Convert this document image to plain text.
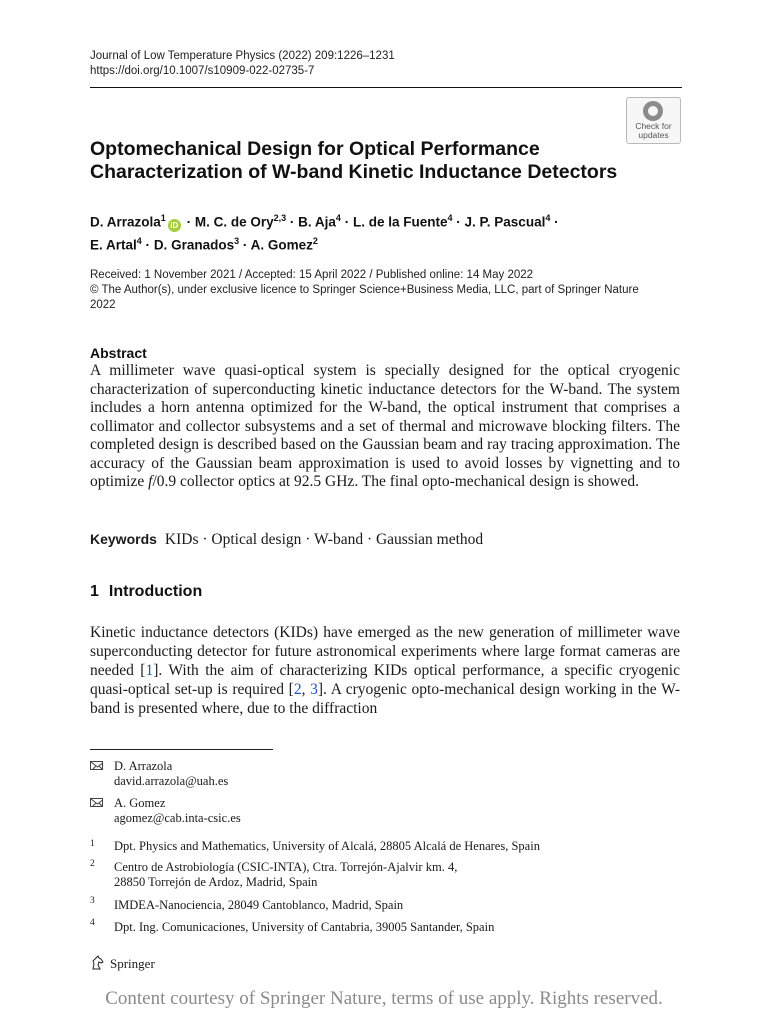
Journal of Low Temperature Physics (2022) 209:1226–1231
https://doi.org/10.1007/s10909-022-02735-7
Check for
updates
Optomechanical Design for Optical Performance
Characterization of W-band Kinetic Inductance Detectors
D. Arrazola$^1$iD · M. C. de Ory$^{2,3}$ · B. Aja$^4$ · L. de la Fuente$^4$ · J. P. Pascual$^4$ ·
E. Artal$^4$ · D. Granados$^3$ · A. Gomez$^2$
Received: 1 November 2021 / Accepted: 15 April 2022 / Published online: 14 May 2022
© The Author(s), under exclusive licence to Springer Science+Business Media, LLC, part of Springer Nature
2022
Abstract
A millimeter wave quasi-optical system is specially designed for the optical cryogenic characterization of superconducting kinetic inductance detectors for the W-band. The system includes a horn antenna optimized for the W-band, the optical instrument that comprises a collimator and collector subsystems and a set of thermal and microwave blocking filters. The completed design is described based on the Gaussian beam and ray tracing approximation. The accuracy of the Gaussian beam approximation is used to avoid losses by vignetting and to optimize f/0.9 collector optics at 92.5 GHz. The final opto-mechanical design is showed.
Keywords KIDs · Optical design · W-band · Gaussian method
1 Introduction
Kinetic inductance detectors (KIDs) have emerged as the new generation of millimeter wave superconducting detector for future astronomical experiments where large format cameras are needed [1]. With the aim of characterizing KIDs optical performance, a specific cryogenic quasi-optical set-up is required [2, 3]. A cryogenic opto-mechanical design working in the W-band is presented where, due to the diffraction
D. Arrazola
david.arrazola@uah.es
A. Gomez
agomez@cab.inta-csic.es
1 Dpt. Physics and Mathematics, University of Alcalá, 28805 Alcalá de Henares, Spain
2 Centro de Astrobiología (CSIC-INTA), Ctra. Torrejón-Ajalvir km. 4,
28850 Torrejón de Ardoz, Madrid, Spain
3 IMDEA-Nanociencia, 28049 Cantoblanco, Madrid, Spain
4 Dpt. Ing. Comunicaciones, University of Cantabria, 39005 Santander, Spain
Springer
Content courtesy of Springer Nature, terms of use apply. Rights reserved.
